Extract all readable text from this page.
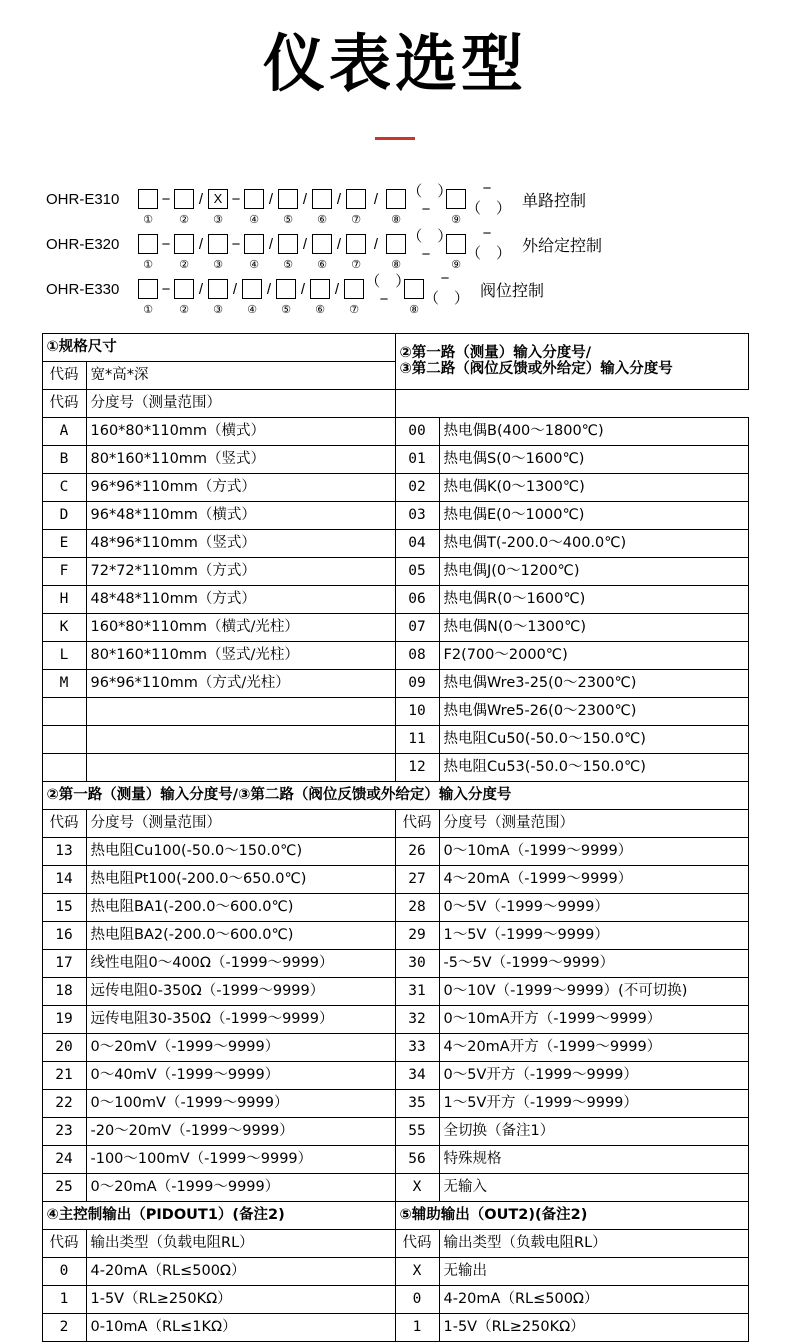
仪表选型
OHR-E310	−	/ X −	/	/	/	/	（　）−
−（　） 单路控制
①	②	③	④	⑤	⑥	⑦	⑧	⑨
OHR-E320	−	/	−	/	/	/	/	（　）−
−（　） 外给定控制
①	②	③	④	⑤	⑥	⑦	⑧	⑨
OHR-E330	−	/	/	/	/	/	（　）−
−（　） 阀位控制
①	②	③	④	⑤	⑥	⑦	⑧
①规格尺寸		②第一路（测量）输入分度号/
③第二路（阀位反馈或外给定）输入分度号	

代码	宽*高*深		
代码	分度号（测量范围）		
A	160*80*110mm（横式）	00	热电偶B(400～1800℃)
B	80*160*110mm（竖式）	01	热电偶S(0～1600℃)
C	96*96*110mm（方式）	02	热电偶K(0～1300℃)
D	96*48*110mm（横式）	03	热电偶E(0～1000℃)
E	48*96*110mm（竖式）	04	热电偶T(-200.0～400.0℃)
F	72*72*110mm（方式）	05	热电偶J(0～1200℃)
H	48*48*110mm（方式）	06	热电偶R(0～1600℃)
K	160*80*110mm（横式/光柱）	07	热电偶N(0～1300℃)
L	80*160*110mm（竖式/光柱）	08	F2(700～2000℃)
M	96*96*110mm（方式/光柱）	09	热电偶Wre3-25(0～2300℃)
		10	热电偶Wre5-26(0～2300℃)
		11	热电阻Cu50(-50.0～150.0℃)
		12	热电阻Cu53(-50.0～150.0℃)
②第一路（测量）输入分度号/③第二路（阀位反馈或外给定）输入分度号			
代码	分度号（测量范围）	代码	分度号（测量范围）
13	热电阻Cu100(-50.0～150.0℃)	26	0～10mA（-1999～9999）
14	热电阻Pt100(-200.0～650.0℃)	27	4～20mA（-1999～9999）
15	热电阻BA1(-200.0～600.0℃)	28	0～5V（-1999～9999）
16	热电阻BA2(-200.0～600.0℃)	29	1～5V（-1999～9999）
17	线性电阻0～400Ω（-1999～9999）	30	-5～5V（-1999～9999）
18	远传电阻0-350Ω（-1999～9999）	31	0～10V（-1999～9999）(不可切换)
19	远传电阻30-350Ω（-1999～9999）	32	0～10mA开方（-1999～9999）
20	0～20mV（-1999～9999）	33	4～20mA开方（-1999～9999）
21	0～40mV（-1999～9999）	34	0～5V开方（-1999～9999）
22	0～100mV（-1999～9999）	35	1～5V开方（-1999～9999）
23	-20～20mV（-1999～9999）	55	全切换（备注1）
24	-100～100mV（-1999～9999）	56	特殊规格
25	0～20mA（-1999～9999）	X	无输入
④主控制输出（PIDOUT1）(备注2)		⑤辅助输出（OUT2)(备注2)	
代码	输出类型（负载电阻RL）	代码	输出类型（负载电阻RL）
0	4-20mA（RL≤500Ω）	X	无输出
1	1-5V（RL≥250KΩ）	0	4-20mA（RL≤500Ω）
2	0-10mA（RL≤1KΩ）	1	1-5V（RL≥250KΩ）
